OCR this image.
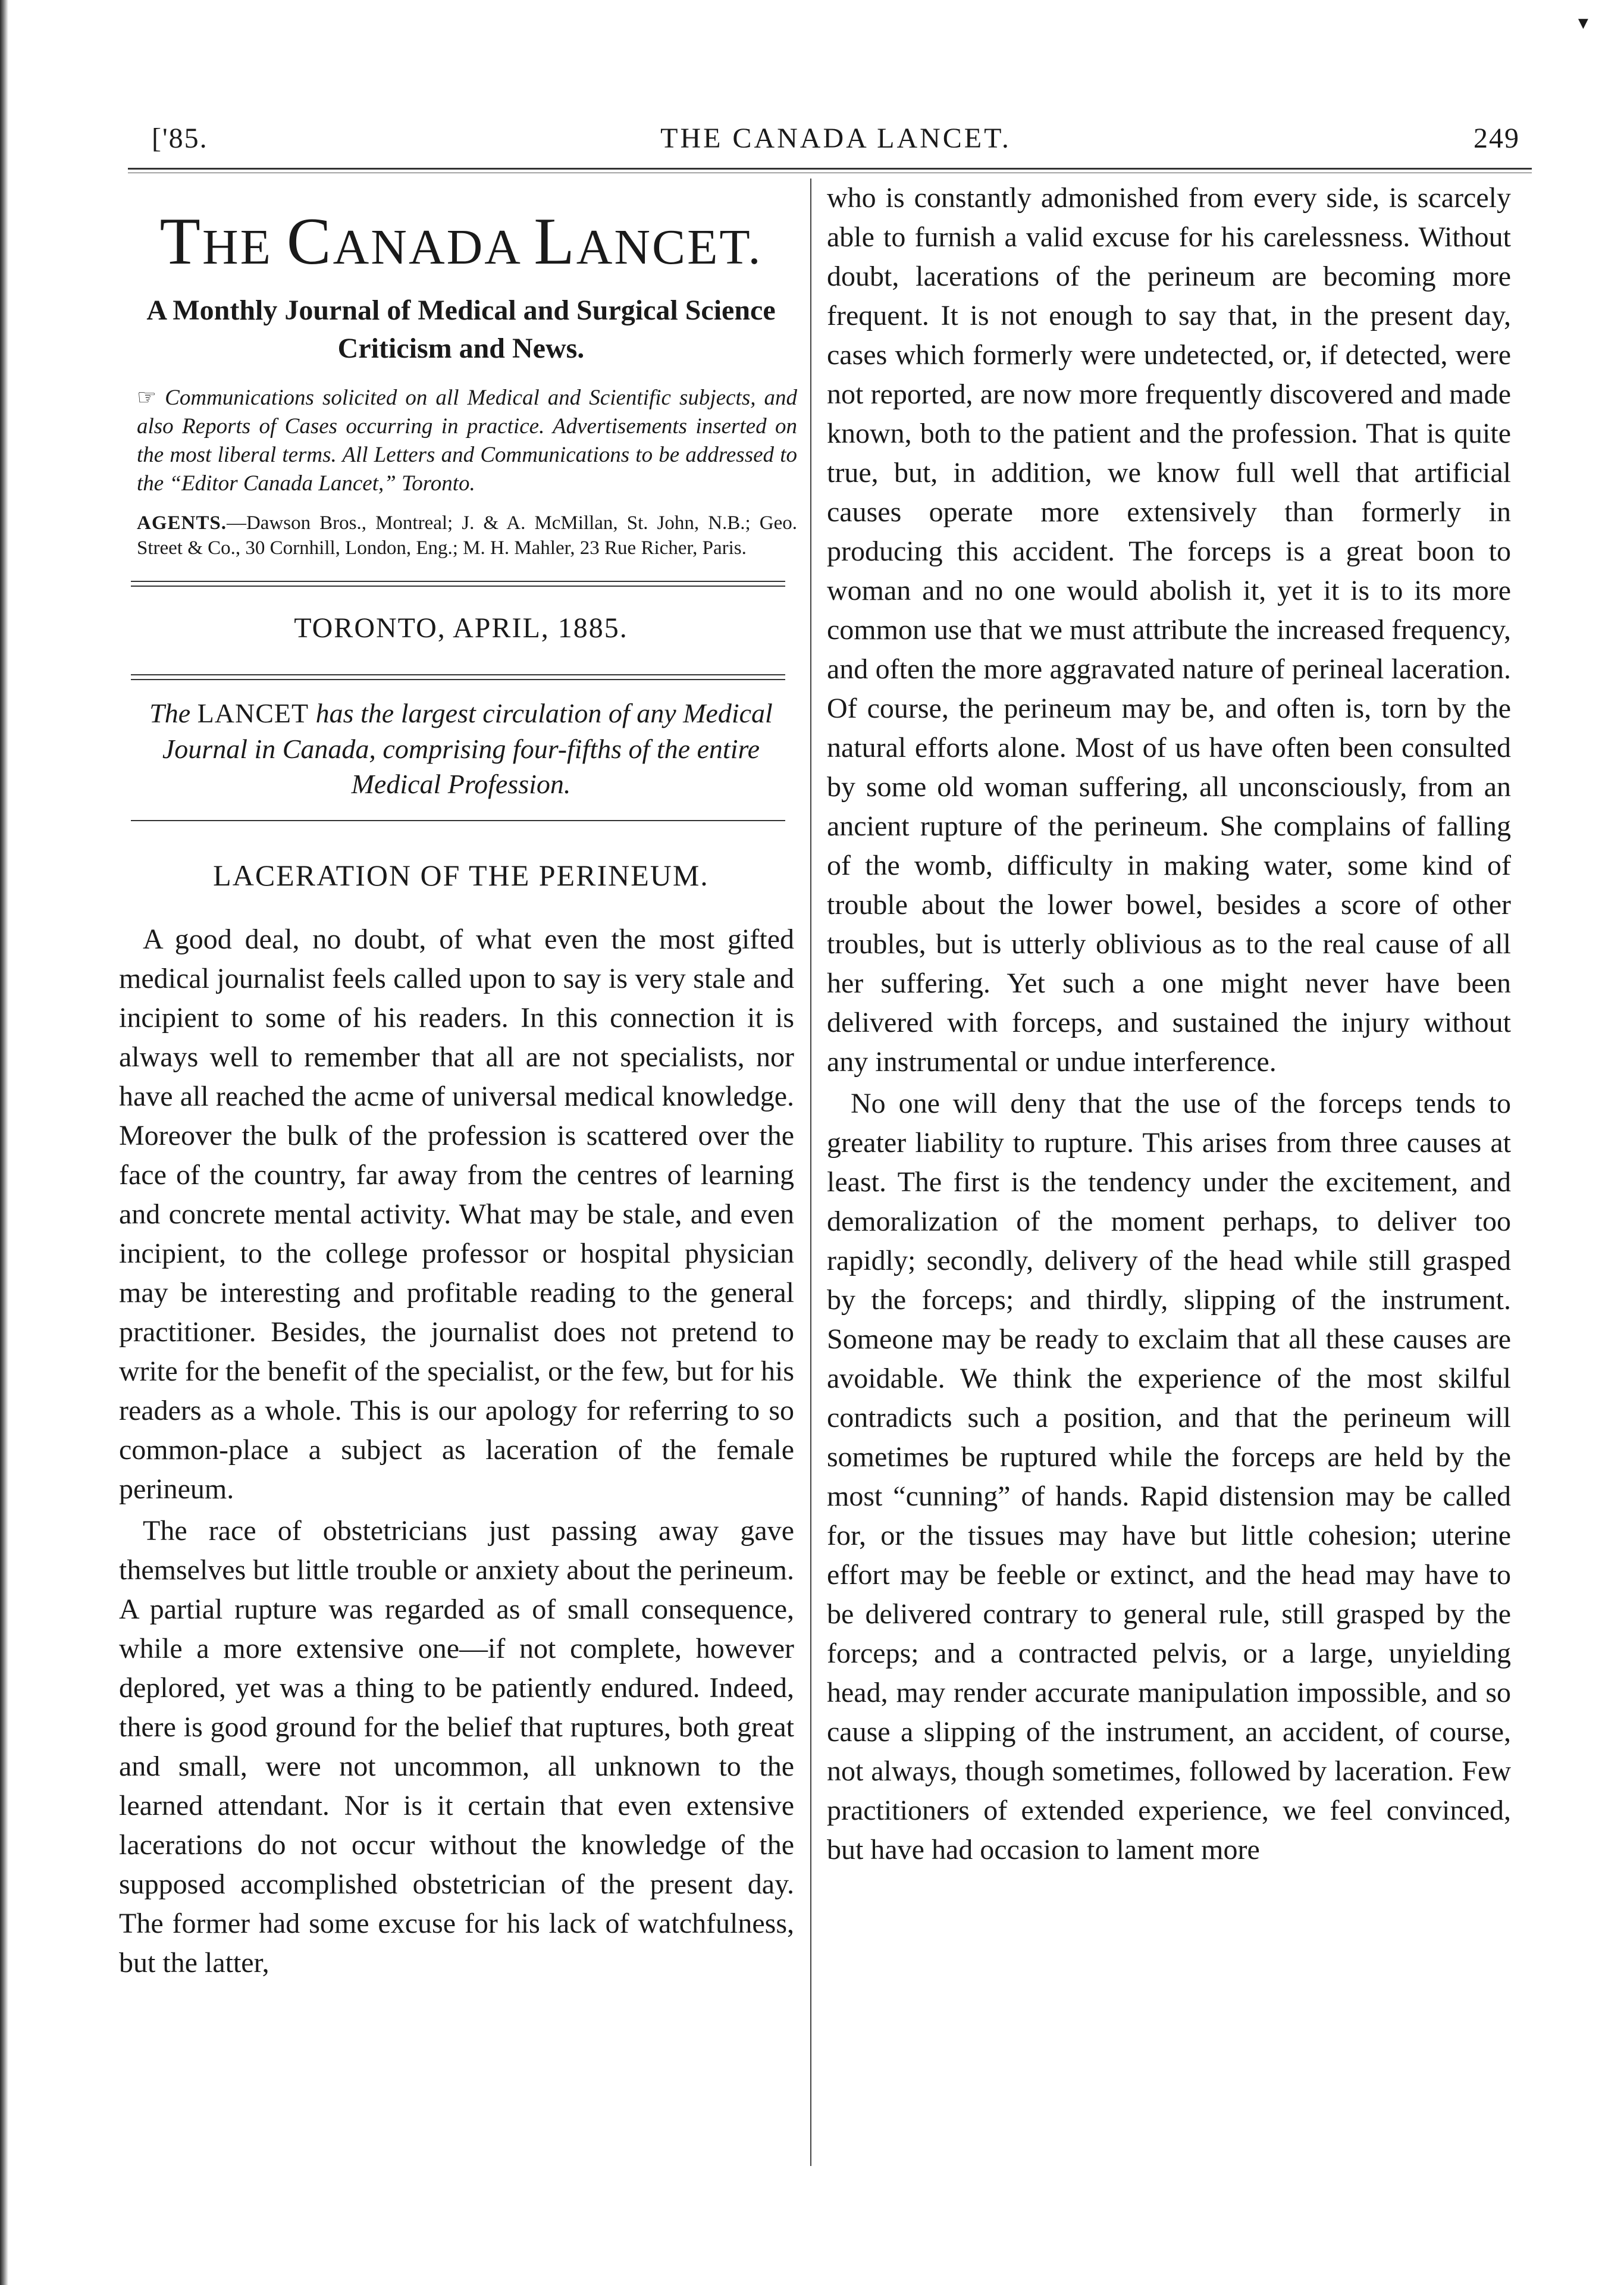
▾
['85.	THE CANADA LANCET.	249
THE CANADA LANCET.
A Monthly Journal of Medical and Surgical Science Criticism and News.
☞ Communications solicited on all Medical and Scientific subjects, and also Reports of Cases occurring in practice. Advertisements inserted on the most liberal terms. All Letters and Communications to be addressed to the “Editor Canada Lancet,” Toronto.
AGENTS.—Dawson Bros., Montreal; J. & A. McMillan, St. John, N.B.; Geo. Street & Co., 30 Cornhill, London, Eng.; M. H. Mahler, 23 Rue Richer, Paris.
TORONTO, APRIL, 1885.
The LANCET has the largest circulation of any Medical Journal in Canada, comprising four-fifths of the entire Medical Profession.
LACERATION OF THE PERINEUM.

A good deal, no doubt, of what even the most gifted medical journalist feels called upon to say is very stale and incipient to some of his readers. In this connection it is always well to remember that all are not specialists, nor have all reached the acme of universal medical knowledge. Moreover the bulk of the profession is scattered over the face of the country, far away from the centres of learning and concrete mental activity. What may be stale, and even incipient, to the college professor or hospital physician may be interesting and profitable reading to the general practitioner. Besides, the journalist does not pretend to write for the benefit of the specialist, or the few, but for his readers as a whole. This is our apology for referring to so common-place a subject as laceration of the female perineum.

The race of obstetricians just passing away gave themselves but little trouble or anxiety about the perineum. A partial rupture was regarded as of small consequence, while a more extensive one—if not complete, however deplored, yet was a thing to be patiently endured. Indeed, there is good ground for the belief that ruptures, both great and small, were not uncommon, all unknown to the learned attendant. Nor is it certain that even extensive lacerations do not occur without the knowledge of the supposed accomplished obstetrician of the present day. The former had some excuse for his lack of watchfulness, but the latter,

who is constantly admonished from every side, is scarcely able to furnish a valid excuse for his carelessness. Without doubt, lacerations of the perineum are becoming more frequent. It is not enough to say that, in the present day, cases which formerly were undetected, or, if detected, were not reported, are now more frequently discovered and made known, both to the patient and the profession. That is quite true, but, in addition, we know full well that artificial causes operate more extensively than formerly in producing this accident. The forceps is a great boon to woman and no one would abolish it, yet it is to its more common use that we must attribute the increased frequency, and often the more aggravated nature of perineal laceration. Of course, the perineum may be, and often is, torn by the natural efforts alone. Most of us have often been consulted by some old woman suffering, all unconsciously, from an ancient rupture of the perineum. She complains of falling of the womb, difficulty in making water, some kind of trouble about the lower bowel, besides a score of other troubles, but is utterly oblivious as to the real cause of all her suffering. Yet such a one might never have been delivered with forceps, and sustained the injury without any instrumental or undue interference.

No one will deny that the use of the forceps tends to greater liability to rupture. This arises from three causes at least. The first is the tendency under the excitement, and demoralization of the moment perhaps, to deliver too rapidly; secondly, delivery of the head while still grasped by the forceps; and thirdly, slipping of the instrument. Someone may be ready to exclaim that all these causes are avoidable. We think the experience of the most skilful contradicts such a position, and that the perineum will sometimes be ruptured while the forceps are held by the most “cunning” of hands. Rapid distension may be called for, or the tissues may have but little cohesion; uterine effort may be feeble or extinct, and the head may have to be delivered contrary to general rule, still grasped by the forceps; and a contracted pelvis, or a large, unyielding head, may render accurate manipulation impossible, and so cause a slipping of the instrument, an accident, of course, not always, though sometimes, followed by laceration. Few practitioners of extended experience, we feel convinced, but have had occasion to lament more
